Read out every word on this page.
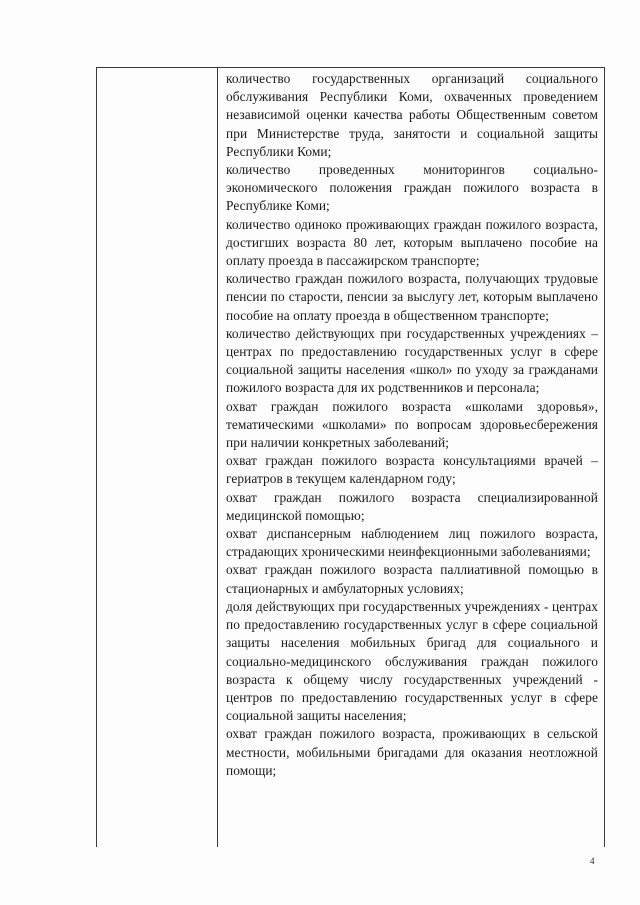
количество государственных организаций социального обслуживания Республики Коми, охваченных проведением независимой оценки качества работы Общественным советом при Министерстве труда, занятости и социальной защиты Республики Коми;

количество проведенных мониторингов социально-экономического положения граждан пожилого возраста в Республике Коми;

количество одиноко проживающих граждан пожилого возраста, достигших возраста 80 лет, которым выплачено пособие на оплату проезда в пассажирском транспорте;

количество граждан пожилого возраста, получающих трудовые пенсии по старости, пенсии за выслугу лет, которым выплачено пособие на оплату проезда в общественном транспорте;

количество действующих при государственных учреждениях – центрах по предоставлению государственных услуг в сфере социальной защиты населения «школ» по уходу за гражданами пожилого возраста для их родственников и персонала;

охват граждан пожилого возраста «школами здоровья», тематическими «школами» по вопросам здоровьесбережения при наличии конкретных заболеваний;

охват граждан пожилого возраста консультациями врачей – гериатров в текущем календарном году;

охват граждан пожилого возраста специализированной медицинской помощью;

охват диспансерным наблюдением лиц пожилого возраста, страдающих хроническими неинфекционными заболеваниями;

охват граждан пожилого возраста паллиативной помощью в стационарных и амбулаторных условиях;

доля действующих при государственных учреждениях - центрах по предоставлению государственных услуг в сфере социальной защиты населения мобильных бригад для социального и социально-медицинского обслуживания граждан пожилого возраста к общему числу государственных учреждений - центров по предоставлению государственных услуг в сфере социальной защиты населения;

охват граждан пожилого возраста, проживающих в сельской местности, мобильными бригадами для оказания неотложной помощи;

4
